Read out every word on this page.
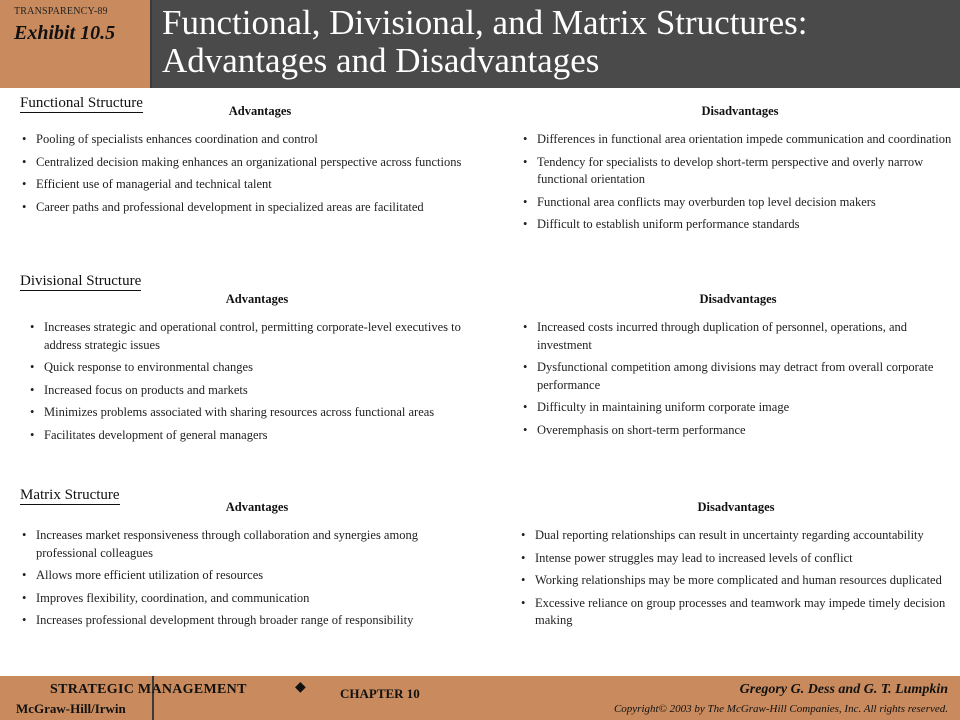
TRANSPARENCY-89
Exhibit 10.5 Functional, Divisional, and Matrix Structures:
Advantages and Disadvantages
Functional Structure	Advantages	Disadvantages
• Pooling of specialists enhances coordination and control
• Centralized decision making enhances an organizational perspective across functions
• Efficient use of managerial and technical talent
• Career paths and professional development in specialized areas are facilitated
• Differences in functional area orientation impede communication and coordination
• Tendency for specialists to develop short-term perspective and overly narrow functional orientation
• Functional area conflicts may overburden top level decision makers
• Difficult to establish uniform performance standards
Divisional Structure
Advantages	Disadvantages
• Increases strategic and operational control, permitting corporate-level executives to address strategic issues
• Quick response to environmental changes
• Increased focus on products and markets
• Minimizes problems associated with sharing resources across functional areas
• Facilitates development of general managers
• Increased costs incurred through duplication of personnel, operations, and investment
• Dysfunctional competition among divisions may detract from overall corporate performance
• Difficulty in maintaining uniform corporate image
• Overemphasis on short-term performance
Matrix Structure
Advantages	Disadvantages
• Increases market responsiveness through collaboration and synergies among professional colleagues
• Allows more efficient utilization of resources
• Improves flexibility, coordination, and communication
• Increases professional development through broader range of responsibility
• Dual reporting relationships can result in uncertainty regarding accountability
• Intense power struggles may lead to increased levels of conflict
• Working relationships may be more complicated and human resources duplicated
• Excessive reliance on group processes and teamwork may impede timely decision making
STRATEGIC MANAGEMENT	◆
McGraw-Hill/Irwin
CHAPTER 10	Gregory G. Dess and G. T. Lumpkin
Copyright© 2003 by The McGraw-Hill Companies, Inc. All rights reserved.
